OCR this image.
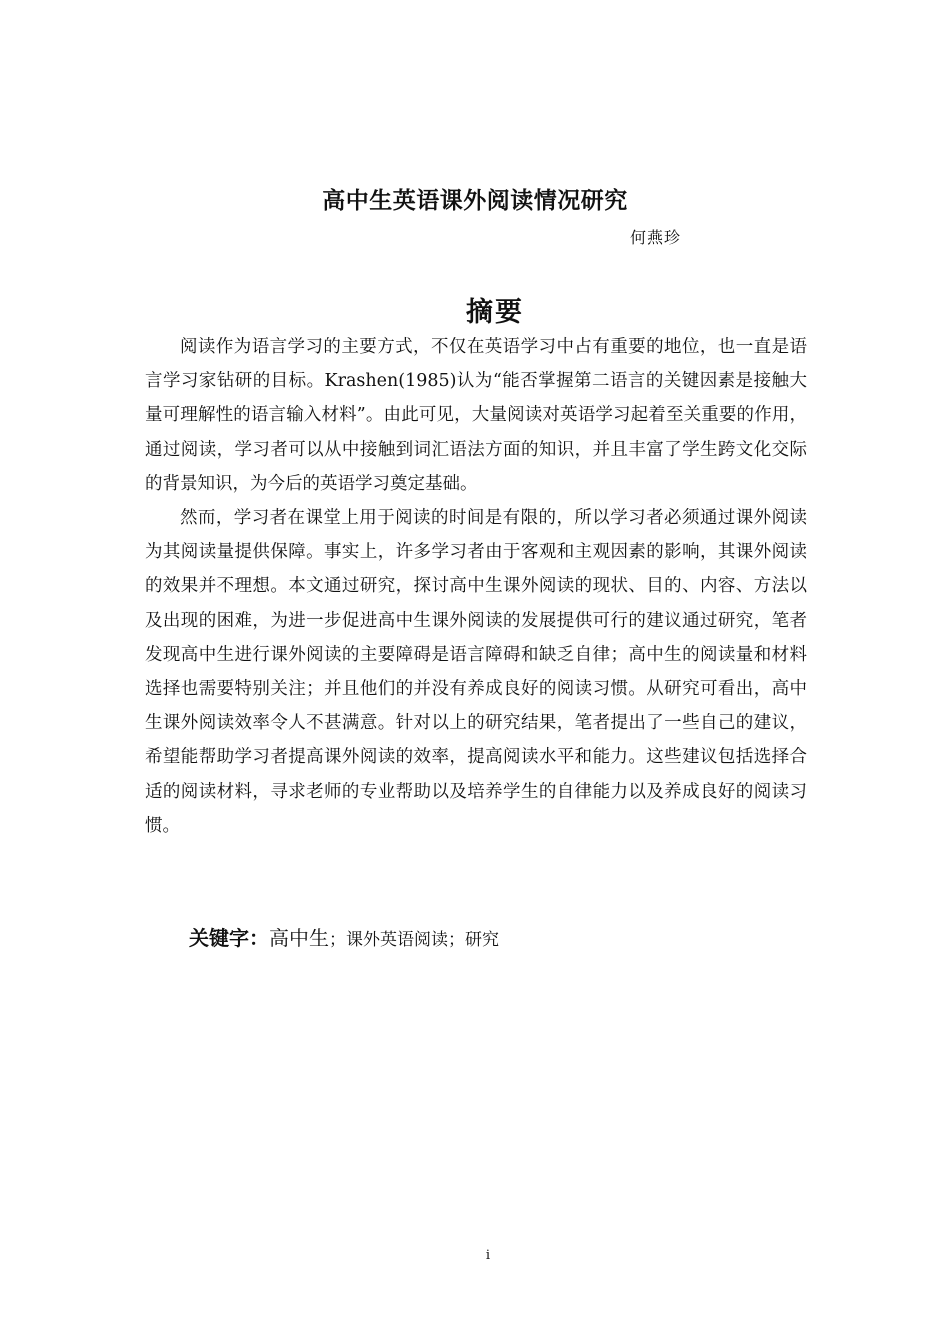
高中生英语课外阅读情况研究
何燕珍
摘要

阅读作为语言学习的主要方式，不仅在英语学习中占有重要的地位，也一直是语言学习家钻研的目标。Krashen(1985)认为“能否掌握第二语言的关键因素是接触大量可理解性的语言输入材料”。由此可见，大量阅读对英语学习起着至关重要的作用，通过阅读，学习者可以从中接触到词汇语法方面的知识，并且丰富了学生跨文化交际的背景知识，为今后的英语学习奠定基础。

然而，学习者在课堂上用于阅读的时间是有限的，所以学习者必须通过课外阅读为其阅读量提供保障。事实上，许多学习者由于客观和主观因素的影响，其课外阅读的效果并不理想。本文通过研究，探讨高中生课外阅读的现状、目的、内容、方法以及出现的困难，为进一步促进高中生课外阅读的发展提供可行的建议通过研究，笔者发现高中生进行课外阅读的主要障碍是语言障碍和缺乏自律；高中生的阅读量和材料选择也需要特别关注；并且他们的并没有养成良好的阅读习惯。从研究可看出，高中生课外阅读效率令人不甚满意。针对以上的研究结果，笔者提出了一些自己的建议，希望能帮助学习者提高课外阅读的效率，提高阅读水平和能力。这些建议包括选择合适的阅读材料，寻求老师的专业帮助以及培养学生的自律能力以及养成良好的阅读习惯。

关键字：高中生；课外英语阅读；研究
i
